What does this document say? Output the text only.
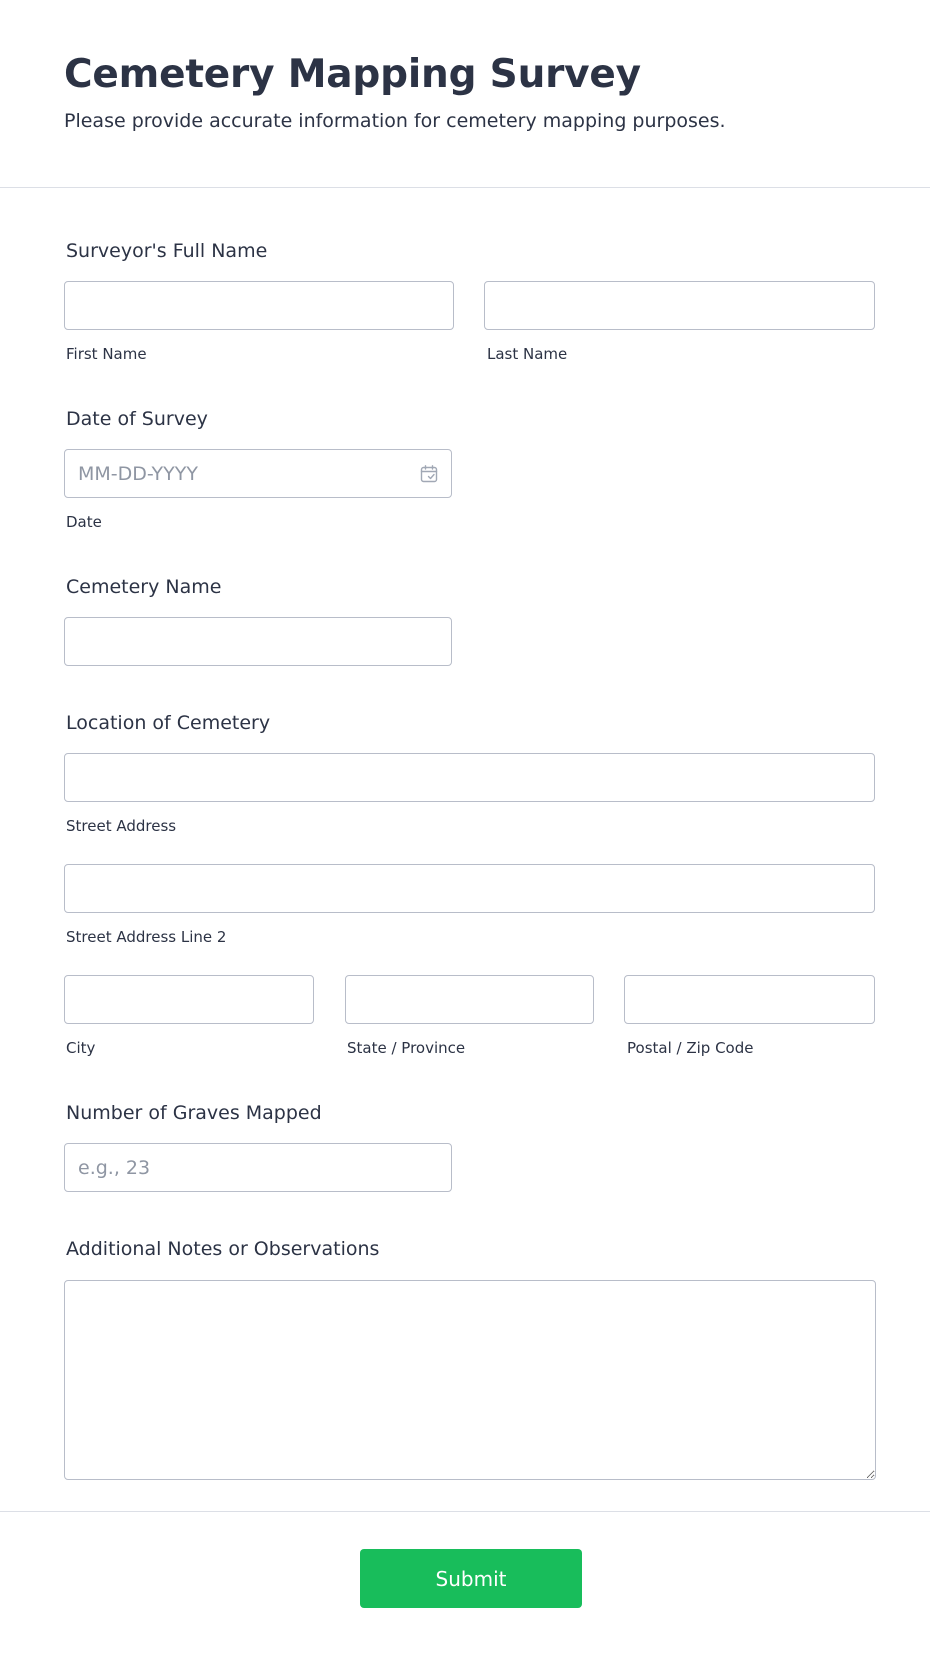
Cemetery Mapping Survey

Please provide accurate information for cemetery mapping purposes.

Surveyor's Full Name
First Name	Last Name
Date of Survey
MM-DD-YYYY
Date
Cemetery Name
Location of Cemetery
Street Address
Street Address Line 2
City	State / Province	Postal / Zip Code
Number of Graves Mapped
e.g., 23
Additional Notes or Observations
Submit
